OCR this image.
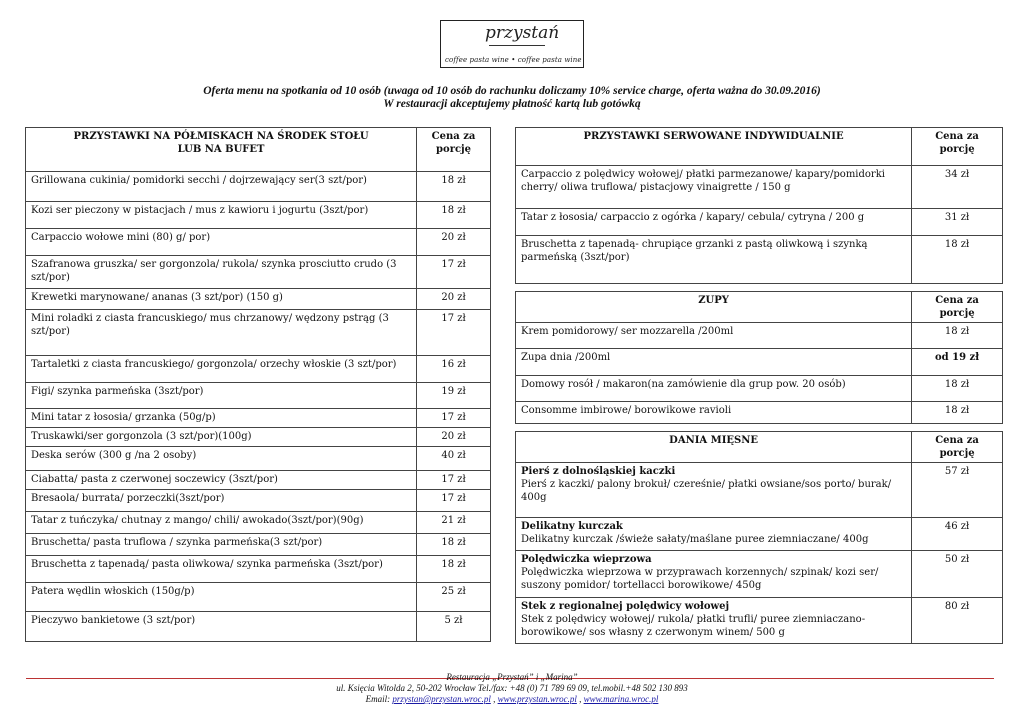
przystań
coffee pasta wine • coffee pasta wine
Oferta menu na spotkania od 10 osób (uwaga od 10 osób do rachunku doliczamy 10% service charge, oferta ważna do 30.09.2016)
W restauracji akceptujemy płatność kartą lub gotówką
PRZYSTAWKI NA PÓŁMISKACH NA ŚRODEK STOŁU
LUB NA BUFET	Cena za porcję
Grillowana cukinia/ pomidorki secchi / dojrzewający ser(3 szt/por)	18 zł
Kozi ser pieczony w pistacjach / mus z kawioru i jogurtu (3szt/por)	18 zł
Carpaccio wołowe mini (80) g/ por)	20 zł
Szafranowa gruszka/ ser gorgonzola/ rukola/ szynka prosciutto crudo (3 szt/por)	17 zł
Krewetki marynowane/ ananas (3 szt/por) (150 g)	20 zł
Mini roladki z ciasta francuskiego/ mus chrzanowy/ wędzony pstrąg (3 szt/por)	17 zł
Tartaletki z ciasta francuskiego/ gorgonzola/ orzechy włoskie (3 szt/por)	16 zł
Figi/ szynka parmeńska (3szt/por)	19 zł
Mini tatar z łososia/ grzanka (50g/p)	17 zł
Truskawki/ser gorgonzola (3 szt/por)(100g)	20 zł
Deska serów (300 g /na 2 osoby)	40 zł
Ciabatta/ pasta z czerwonej soczewicy (3szt/por)	17 zł
Bresaola/ burrata/ porzeczki(3szt/por)	17 zł
Tatar z tuńczyka/ chutnay z mango/ chili/ awokado(3szt/por)(90g)	21 zł
Bruschetta/ pasta truflowa / szynka parmeńska(3 szt/por)	18 zł
Bruschetta z tapenadą/ pasta oliwkowa/ szynka parmeńska (3szt/por)	18 zł
Patera wędlin włoskich (150g/p)	25 zł
Pieczywo bankietowe (3 szt/por)	5 zł
PRZYSTAWKI SERWOWANE INDYWIDUALNIE	Cena za porcję

Carpaccio z polędwicy wołowej/ płatki parmezanowe/ kapary/pomidorki cherry/ oliwa truflowa/ pistacjowy vinaigrette / 150 g	34 zł

Tatar z łososia/ carpaccio z ogórka / kapary/ cebula/ cytryna / 200 g	31 zł

Bruschetta z tapenadą- chrupiące grzanki z pastą oliwkową i szynką parmeńską (3szt/por)	18 zł

ZUPY	Cena za porcję

Krem pomidorowy/ ser mozzarella /200ml	18 zł

Zupa dnia /200ml	od 19 zł

Domowy rosół / makaron(na zamówienie dla grup pow. 20 osób)	18 zł

Consomme imbirowe/ borowikowe ravioli	18 zł

DANIA MIĘSNE	Cena za porcję

Pierś z dolnośląskiej kaczki
Pierś z kaczki/ palony brokuł/ czereśnie/ płatki owsiane/sos porto/ burak/ 400g	57 zł

Delikatny kurczak
Delikatny kurczak /świeże sałaty/maślane puree ziemniaczane/ 400g	46 zł

Polędwiczka wieprzowa
Polędwiczka wieprzowa w przyprawach korzennych/ szpinak/ kozi ser/ suszony pomidor/ tortellacci borowikowe/ 450g	50 zł

Stek z regionalnej polędwicy wołowej
Stek z polędwicy wołowej/ rukola/ płatki trufli/ puree ziemniaczano-borowikowe/ sos własny z czerwonym winem/ 500 g	80 zł
Restauracja „Przystań” i „Marina”
ul. Księcia Witolda 2, 50-202 Wrocław Tel./fax: +48 (0) 71 789 69 09, tel.mobil.+48 502 130 893
Email: przystan@przystan.wroc.pl , www.przystan.wroc.pl , www.marina.wroc.pl
